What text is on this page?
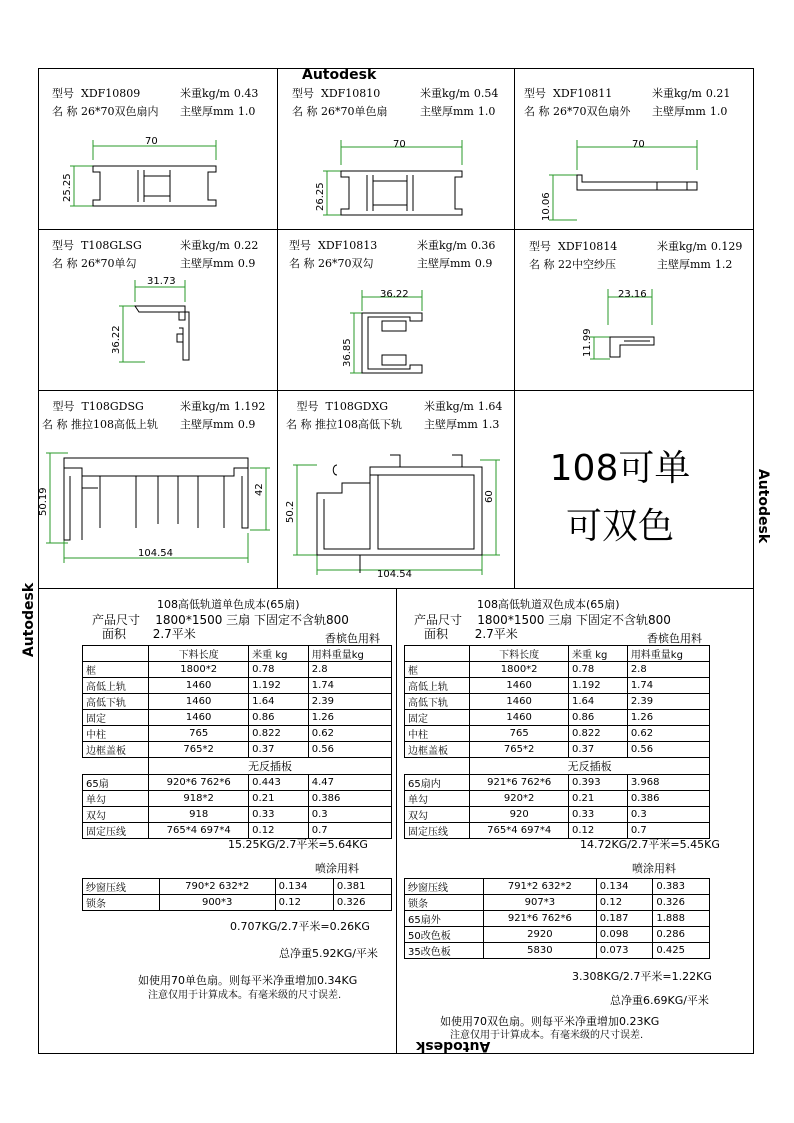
Autodesk
Autodesk
Autodesk
Autodesk
型号 XDF10809	米重kg/m 0.43
名 称 26*70双色扇内 主壁厚mm 1.0
型号 XDF10810	米重kg/m 0.54
名 称 26*70单色扇	主壁厚mm 1.0
型号 XDF10811	米重kg/m 0.21
名 称 26*70双色扇外 主壁厚mm 1.0
型号 T108GLSG	米重kg/m 0.22
名 称 26*70单勾	主壁厚mm 0.9
型号 XDF10813	米重kg/m 0.36
名 称 26*70双勾	主壁厚mm 0.9
型号 XDF10814	米重kg/m 0.129
名 称 22中空纱压	主壁厚mm 1.2
型号 T108GDSG	米重kg/m 1.192
名 称 推拉108高低上轨 主壁厚mm 0.9
型号 T108GDXG	米重kg/m 1.64
名 称 推拉108高低下轨 主壁厚mm 1.3
70
25.25
70
26.25
70
10.06
31.73
36.22
36.22
36.85
23.16
11.99
104.54
50.19	42
104.54
50.2
60
108可单
可双色
108高低轨道单色成本(65扇)
产品尺寸 1800*1500 三扇 下固定不含轨800
面积 2.7平米	香槟色用料
	下料长度	米重 kg	用料重量kg
框	1800*2	0.78	2.8
高低上轨	1460	1.192	1.74
高低下轨	1460	1.64	2.39
固定	1460	0.86	1.26
中柱	765	0.822	0.62
边框盖板	765*2	0.37	0.56
	无反插板		
65扇	920*6 762*6	0.443	4.47
单勾	918*2	0.21	0.386
双勾	918	0.33	0.3
固定压线	765*4 697*4	0.12	0.7
15.25KG/2.7平米=5.64KG
喷涂用料
纱窗压线	790*2 632*2	0.134	0.381
锁条	900*3	0.12	0.326
0.707KG/2.7平米=0.26KG
总净重5.92KG/平米
如使用70单色扇。则每平米净重增加0.34KG
注意仅用于计算成本。有毫米级的尺寸误差.
108高低轨道双色成本(65扇)
产品尺寸 1800*1500 三扇 下固定不含轨800
面积 2.7平米	香槟色用料
	下料长度	米重 kg	用料重量kg
框	1800*2	0.78	2.8
高低上轨	1460	1.192	1.74
高低下轨	1460	1.64	2.39
固定	1460	0.86	1.26
中柱	765	0.822	0.62
边框盖板	765*2	0.37	0.56
	无反插板		
65扇内	921*6 762*6	0.393	3.968
单勾	920*2	0.21	0.386
双勾	920	0.33	0.3
固定压线	765*4 697*4	0.12	0.7
14.72KG/2.7平米=5.45KG
喷涂用料
纱窗压线	791*2 632*2	0.134	0.383
锁条	907*3	0.12	0.326
65扇外	921*6 762*6	0.187	1.888
50改色板	2920	0.098	0.286
35改色板	5830	0.073	0.425
3.308KG/2.7平米=1.22KG
总净重6.69KG/平米
如使用70双色扇。则每平米净重增加0.23KG
注意仅用于计算成本。有毫米级的尺寸误差.
